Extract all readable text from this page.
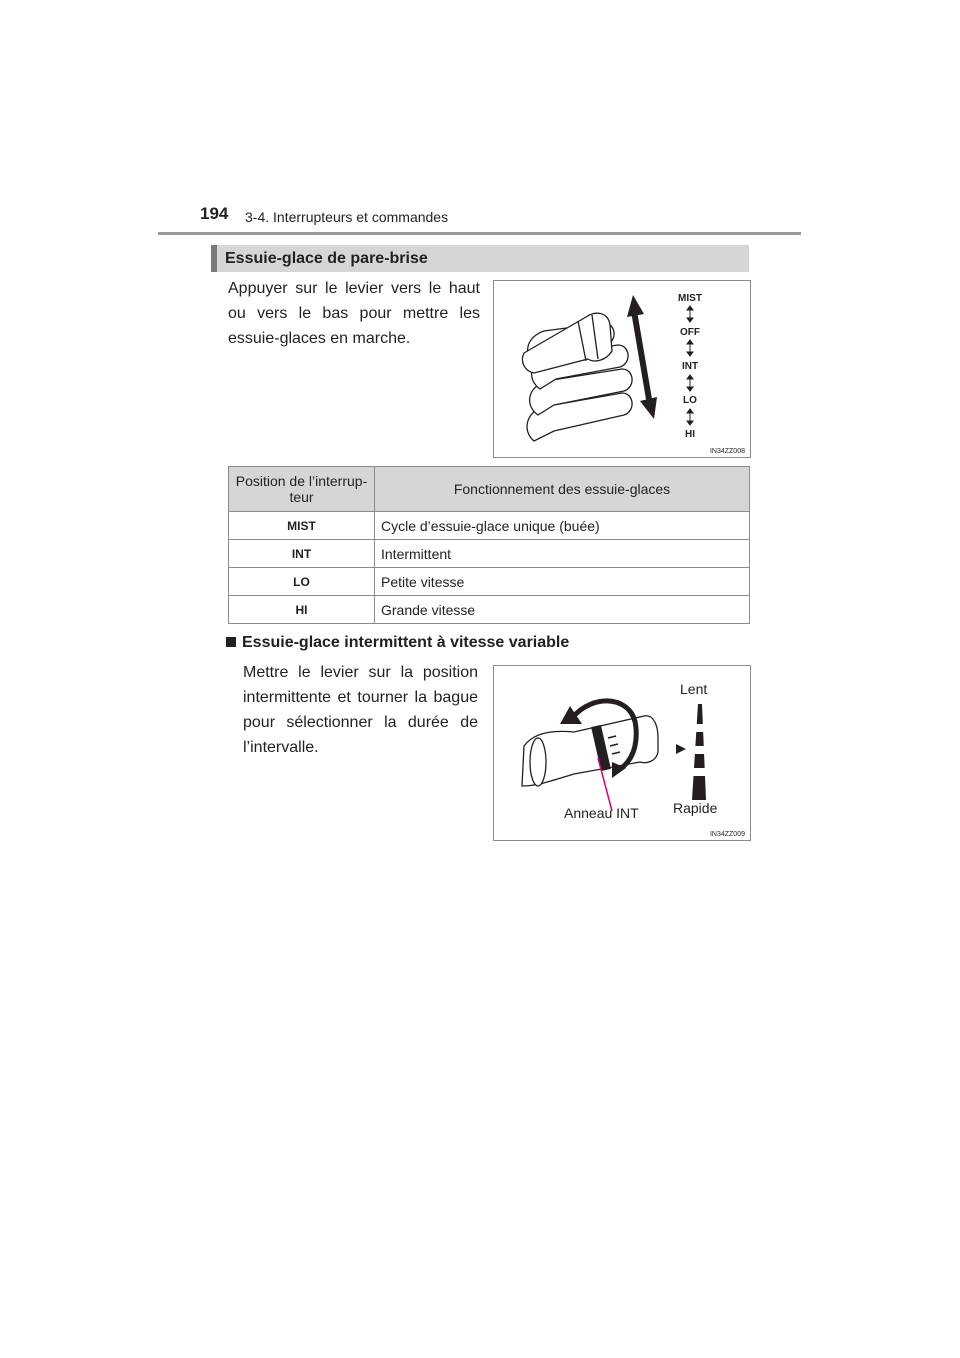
194 3-4. Interrupteurs et commandes
Essuie-glace de pare-brise
Appuyer sur le levier vers le haut ou vers le bas pour mettre les essuie-glaces en marche.
MIST
OFF
INT
LO
HI
IN34ZZ008
Position de l’interrup-teur	Fonctionnement des essuie-glaces
MIST	Cycle d’essuie-glace unique (buée)
INT	Intermittent
LO	Petite vitesse
HI	Grande vitesse
Essuie-glace intermittent à vitesse variable
Mettre le levier sur la position intermittente et tourner la bague pour sélectionner la durée de l’intervalle.
Lent
Rapide
Anneau INT
IN34ZZ009
